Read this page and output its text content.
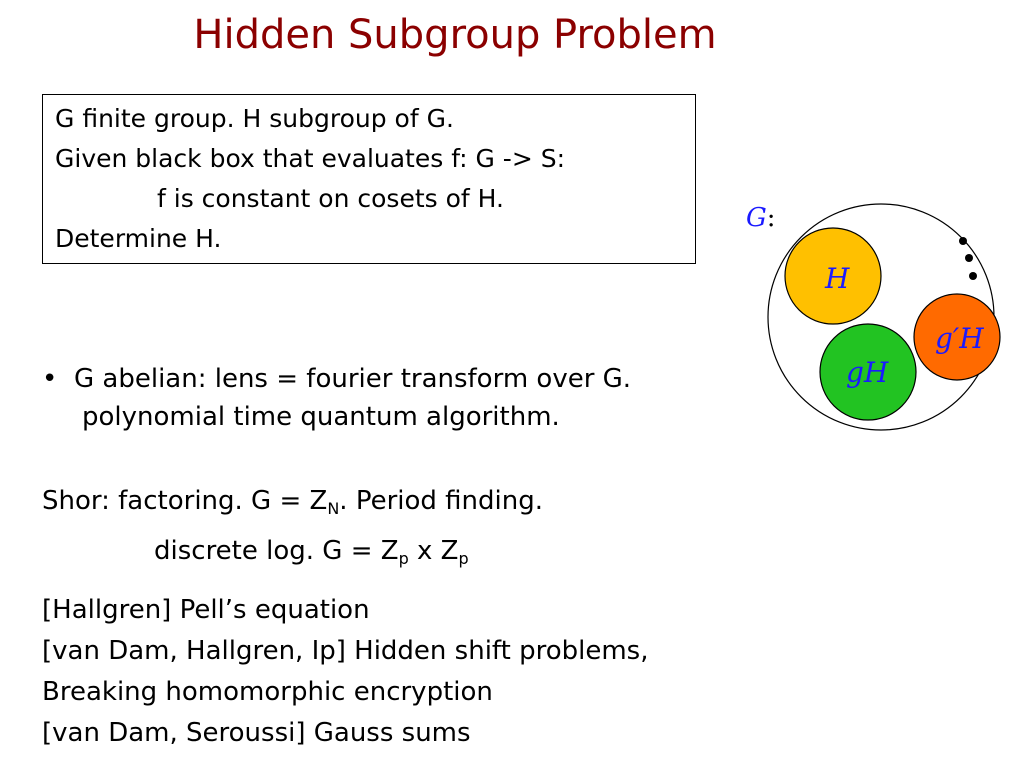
Hidden Subgroup Problem
G finite group. H subgroup of G.
Given black box that evaluates f: G -> S:
f is constant on cosets of H.
Determine H.
• G abelian: lens = fourier transform over G.
polynomial time quantum algorithm.
Shor: factoring. $G = Z_N$. Period finding.
discrete log. $G = Z_p$ x $Z_p$
[Hallgren] Pell’s equation
[van Dam, Hallgren, Ip] Hidden shift problems,
Breaking homomorphic encryption
[van Dam, Seroussi] Gauss sums
G:
H
gH
g′H
